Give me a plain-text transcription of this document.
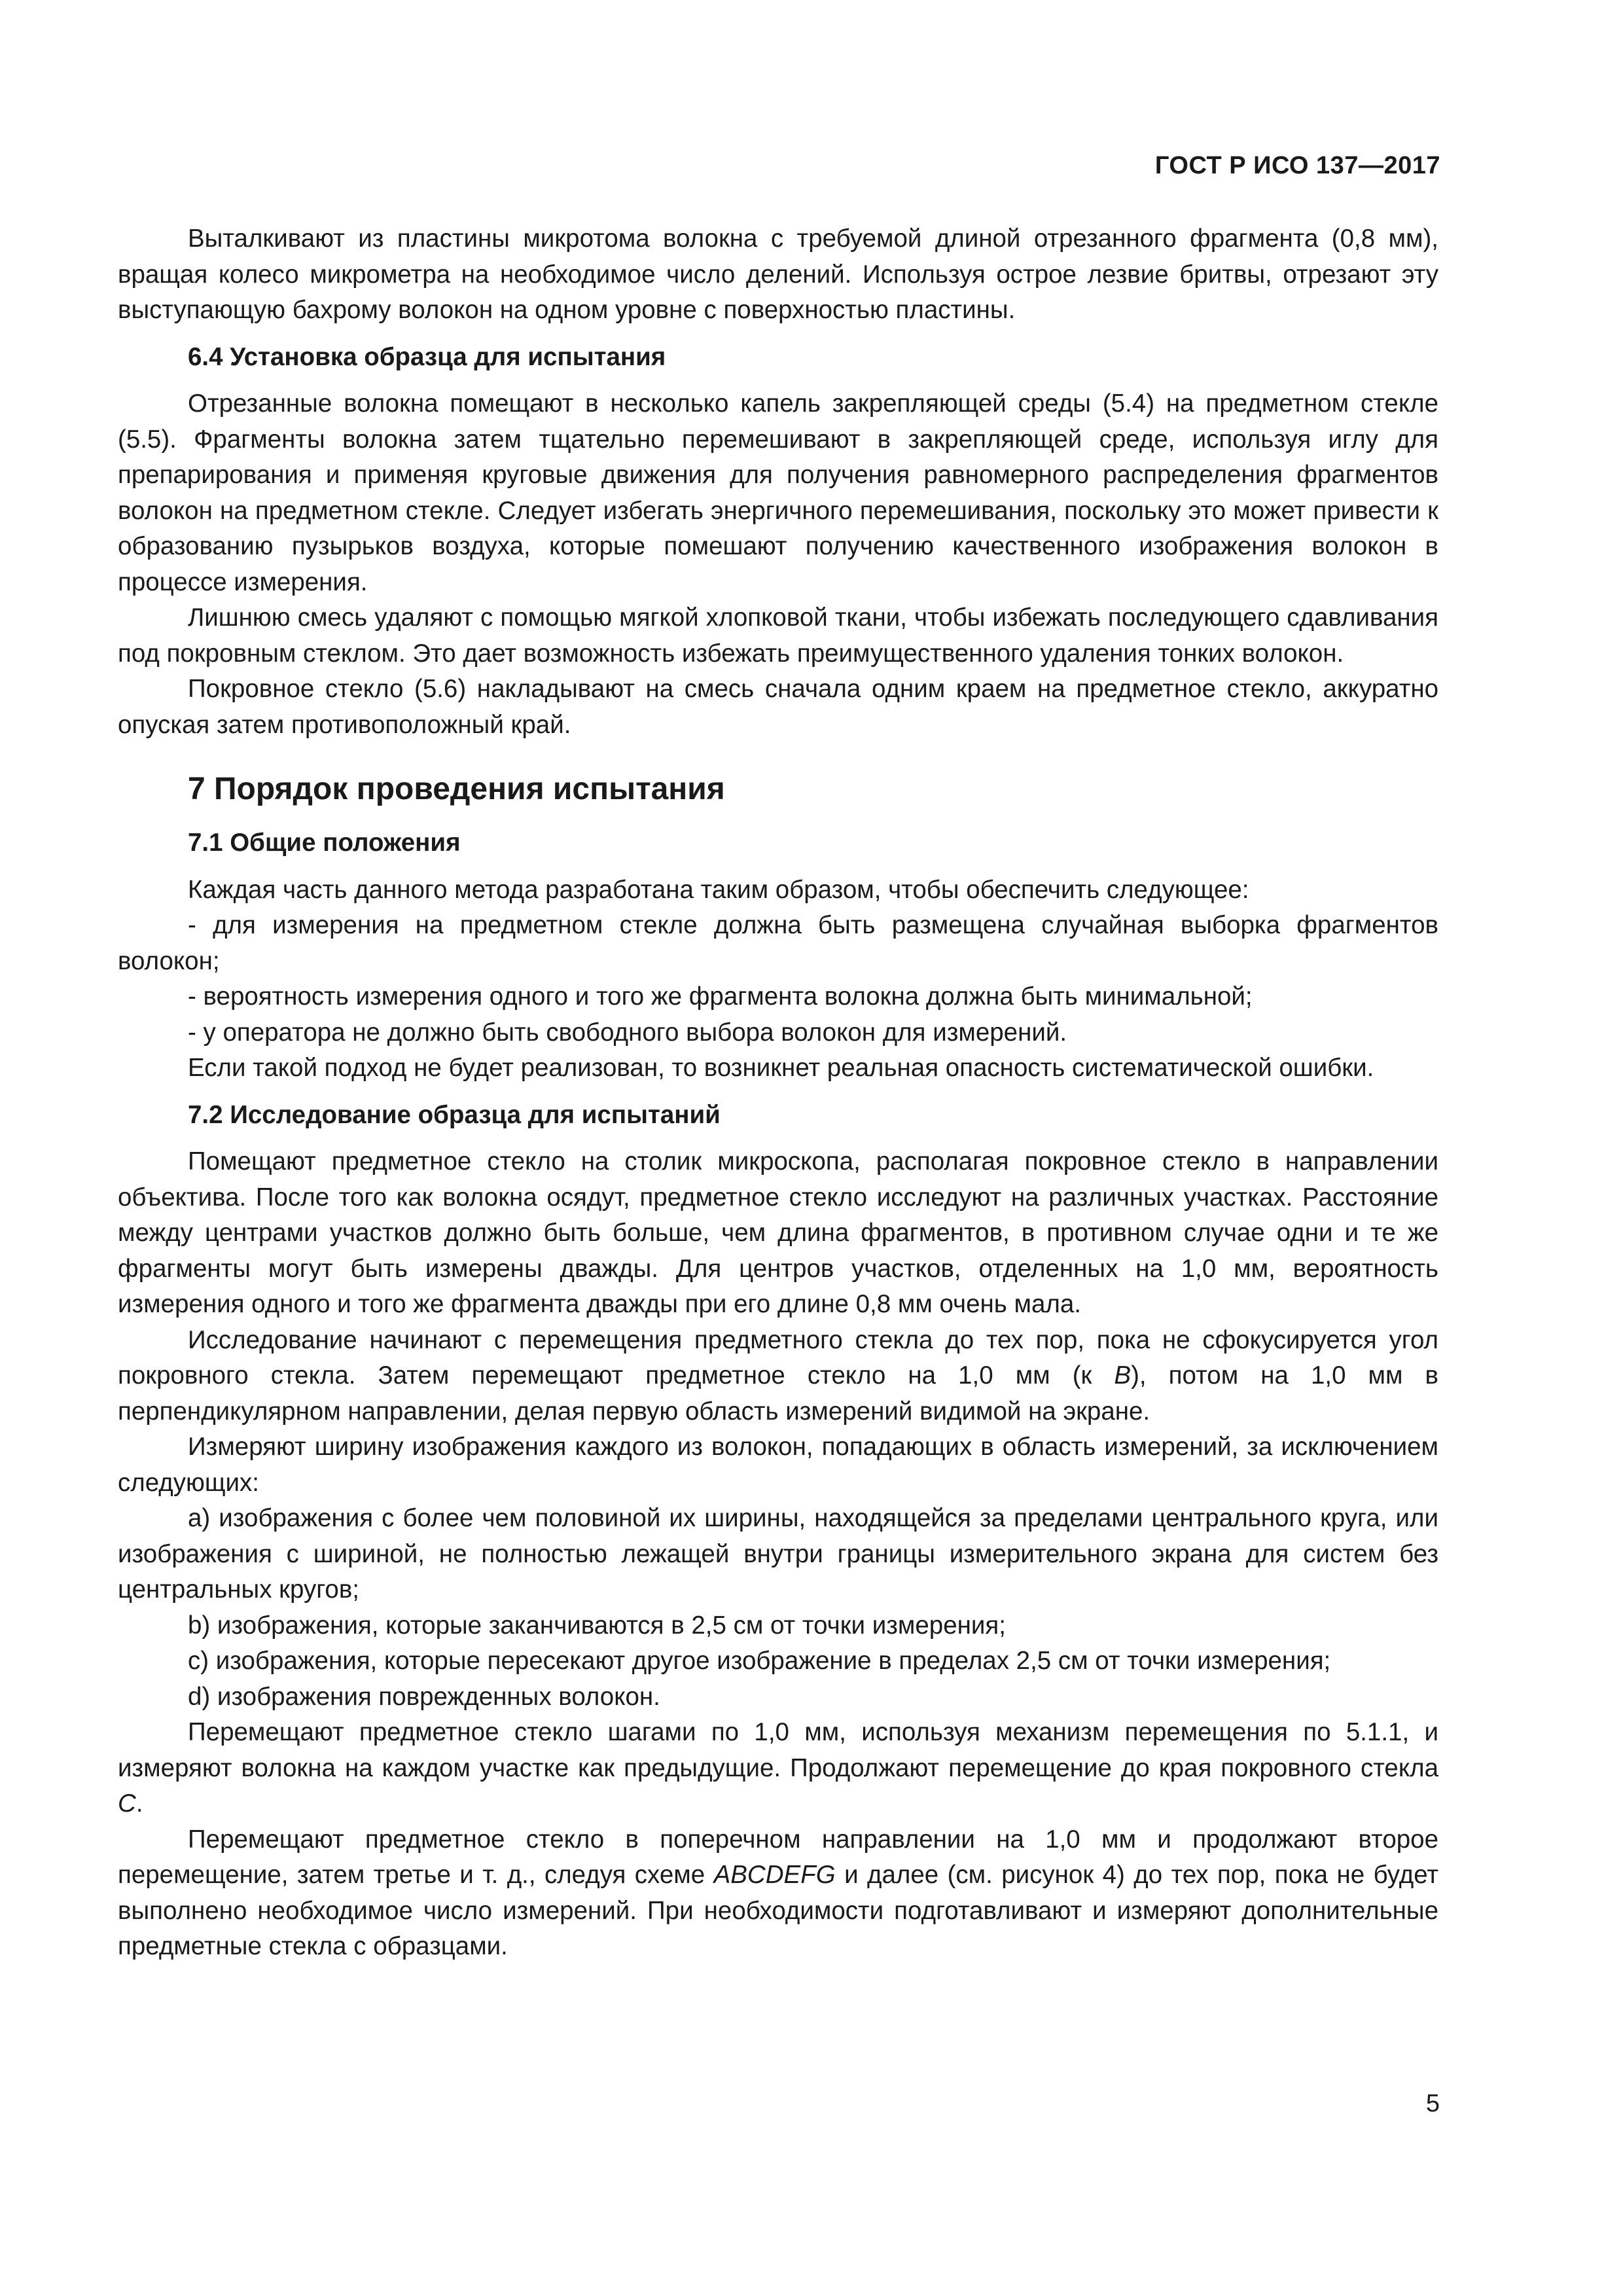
ГОСТ Р ИСО 137—2017

Выталкивают из пластины микротома волокна с требуемой длиной отрезанного фрагмента (0,8 мм), вращая колесо микрометра на необходимое число делений. Используя острое лезвие бритвы, отрезают эту выступающую бахрому волокон на одном уровне с поверхностью пластины.

6.4 Установка образца для испытания

Отрезанные волокна помещают в несколько капель закрепляющей среды (5.4) на предметном стекле (5.5). Фрагменты волокна затем тщательно перемешивают в закрепляющей среде, используя иглу для препарирования и применяя круговые движения для получения равномерного распределения фрагментов волокон на предметном стекле. Следует избегать энергичного перемешивания, поскольку это может привести к образованию пузырьков воздуха, которые помешают получению качественного изображения волокон в процессе измерения.

Лишнюю смесь удаляют с помощью мягкой хлопковой ткани, чтобы избежать последующего сдавливания под покровным стеклом. Это дает возможность избежать преимущественного удаления тонких волокон.

Покровное стекло (5.6) накладывают на смесь сначала одним краем на предметное стекло, аккуратно опуская затем противоположный край.

7 Порядок проведения испытания
7.1 Общие положения

Каждая часть данного метода разработана таким образом, чтобы обеспечить следующее:

- для измерения на предметном стекле должна быть размещена случайная выборка фрагментов волокон;

- вероятность измерения одного и того же фрагмента волокна должна быть минимальной;

- у оператора не должно быть свободного выбора волокон для измерений.

Если такой подход не будет реализован, то возникнет реальная опасность систематической ошибки.

7.2 Исследование образца для испытаний

Помещают предметное стекло на столик микроскопа, располагая покровное стекло в направлении объектива. После того как волокна осядут, предметное стекло исследуют на различных участках. Расстояние между центрами участков должно быть больше, чем длина фрагментов, в противном случае одни и те же фрагменты могут быть измерены дважды. Для центров участков, отделенных на 1,0 мм, вероятность измерения одного и того же фрагмента дважды при его длине 0,8 мм очень мала.

Исследование начинают с перемещения предметного стекла до тех пор, пока не сфокусируется угол покровного стекла. Затем перемещают предметное стекло на 1,0 мм (к B), потом на 1,0 мм в перпендикулярном направлении, делая первую область измерений видимой на экране.

Измеряют ширину изображения каждого из волокон, попадающих в область измерений, за исключением следующих:

a) изображения с более чем половиной их ширины, находящейся за пределами центрального круга, или изображения с шириной, не полностью лежащей внутри границы измерительного экрана для систем без центральных кругов;

b) изображения, которые заканчиваются в 2,5 см от точки измерения;

c) изображения, которые пересекают другое изображение в пределах 2,5 см от точки измерения;

d) изображения поврежденных волокон.

Перемещают предметное стекло шагами по 1,0 мм, используя механизм перемещения по 5.1.1, и измеряют волокна на каждом участке как предыдущие. Продолжают перемещение до края покровного стекла C.

Перемещают предметное стекло в поперечном направлении на 1,0 мм и продолжают второе перемещение, затем третье и т. д., следуя схеме ABCDEFG и далее (см. рисунок 4) до тех пор, пока не будет выполнено необходимое число измерений. При необходимости подготавливают и измеряют дополнительные предметные стекла с образцами.

5
